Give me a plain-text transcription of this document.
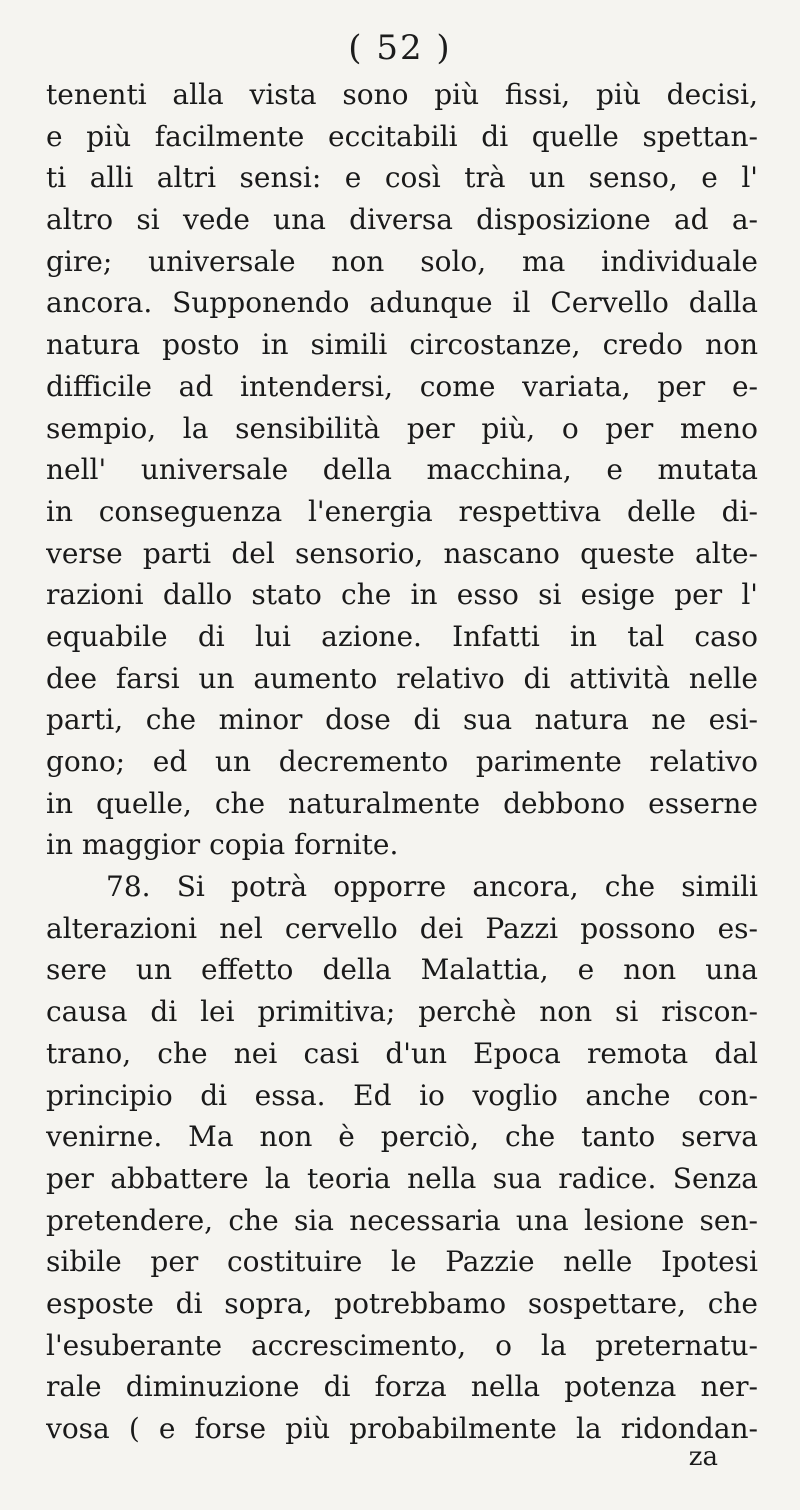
( 52 )
tenenti alla vista sono più fissi, più decisi,
e più facilmente eccitabili di quelle spettan-
ti alli altri sensi: e così trà un senso, e l'
altro si vede una diversa disposizione ad a-
gire; universale non solo, ma individuale
ancora. Supponendo adunque il Cervello dalla
natura posto in simili circostanze, credo non
difficile ad intendersi, come variata, per e-
sempio, la sensibilità per più, o per meno
nell' universale della macchina, e mutata
in conseguenza l'energia respettiva delle di-
verse parti del sensorio, nascano queste alte-
razioni dallo stato che in esso si esige per l'
equabile di lui azione. Infatti in tal caso
dee farsi un aumento relativo di attività nelle
parti, che minor dose di sua natura ne esi-
gono; ed un decremento parimente relativo
in quelle, che naturalmente debbono esserne
in maggior copia fornite.
78. Si potrà opporre ancora, che simili
alterazioni nel cervello dei Pazzi possono es-
sere un effetto della Malattia, e non una
causa di lei primitiva; perchè non si riscon-
trano, che nei casi d'un Epoca remota dal
principio di essa. Ed io voglio anche con-
venirne. Ma non è perciò, che tanto serva
per abbattere la teoria nella sua radice. Senza
pretendere, che sia necessaria una lesione sen-
sibile per costituire le Pazzie nelle Ipotesi
esposte di sopra, potrebbamo sospettare, che
l'esuberante accrescimento, o la preternatu-
rale diminuzione di forza nella potenza ner-
vosa ( e forse più probabilmente la ridondan-
za
